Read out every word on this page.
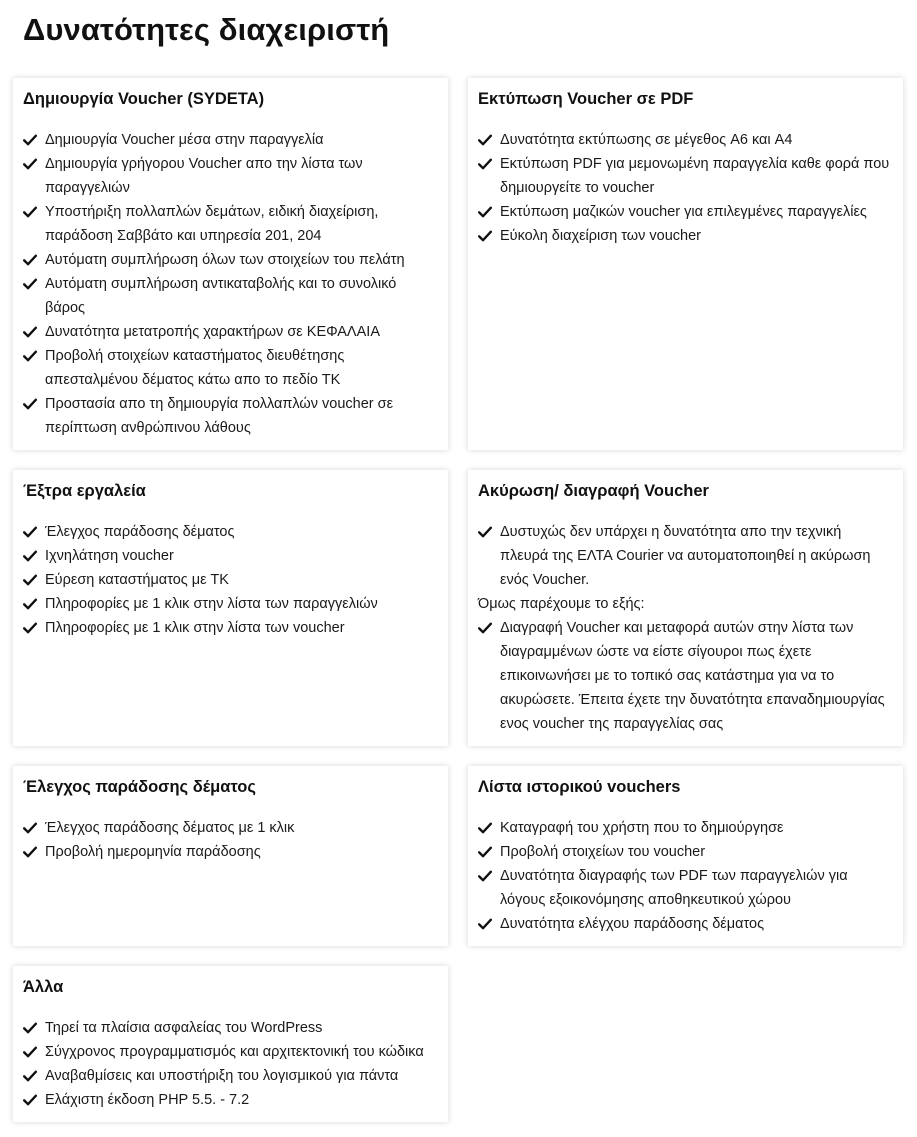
Δυνατότητες διαχειριστή
Δημιουργία Voucher (SYDETA)
Δημιουργία Voucher μέσα στην παραγγελία
Δημιουργία γρήγορου Voucher απο την λίστα των παραγγελιών
Υποστήριξη πολλαπλών δεμάτων, ειδική διαχείριση, παράδοση Σαββάτο και υπηρεσία 201, 204
Αυτόματη συμπλήρωση όλων των στοιχείων του πελάτη
Αυτόματη συμπλήρωση αντικαταβολής και το συνολικό βάρος
Δυνατότητα μετατροπής χαρακτήρων σε ΚΕΦΑΛΑΙΑ
Προβολή στοιχείων καταστήματος διευθέτησης απεσταλμένου δέματος κάτω απο το πεδίο ΤΚ
Προστασία απο τη δημιουργία πολλαπλών voucher σε περίπτωση ανθρώπινου λάθους
Εκτύπωση Voucher σε PDF
Δυνατότητα εκτύπωσης σε μέγεθος A6 και A4
Εκτύπωση PDF για μεμονωμένη παραγγελία καθε φορά που δημιουργείτε το voucher
Εκτύπωση μαζικών voucher για επιλεγμένες παραγγελίες
Εύκολη διαχείριση των voucher
Έξτρα εργαλεία
Έλεγχος παράδοσης δέματος
Ιχνηλάτηση voucher
Εύρεση καταστήματος με ΤΚ
Πληροφορίες με 1 κλικ στην λίστα των παραγγελιών
Πληροφορίες με 1 κλικ στην λίστα των voucher
Ακύρωση/ διαγραφή Voucher
Δυστυχώς δεν υπάρχει η δυνατότητα απο την τεχνική πλευρά της ΕΛΤΑ Courier να αυτοματοποιηθεί η ακύρωση ενός Voucher.
Όμως παρέχουμε το εξής:
Διαγραφή Voucher και μεταφορά αυτών στην λίστα των διαγραμμένων ώστε να είστε σίγουροι πως έχετε επικοινωνήσει με το τοπικό σας κατάστημα για να το ακυρώσετε. Έπειτα έχετε την δυνατότητα επαναδημιουργίας ενος voucher της παραγγελίας σας
Έλεγχος παράδοσης δέματος
Έλεγχος παράδοσης δέματος με 1 κλικ
Προβολή ημερομηνία παράδοσης
Λίστα ιστορικού vouchers
Καταγραφή του χρήστη που το δημιούργησε
Προβολή στοιχείων του voucher
Δυνατότητα διαγραφής των PDF των παραγγελιών για λόγους εξοικονόμησης αποθηκευτικού χώρου
Δυνατότητα ελέγχου παράδοσης δέματος
Άλλα
Τηρεί τα πλαίσια ασφαλείας του WordPress
Σύγχρονος προγραμματισμός και αρχιτεκτονική του κώδικα
Αναβαθμίσεις και υποστήριξη του λογισμικού για πάντα
Ελάχιστη έκδοση PHP 5.5. - 7.2
